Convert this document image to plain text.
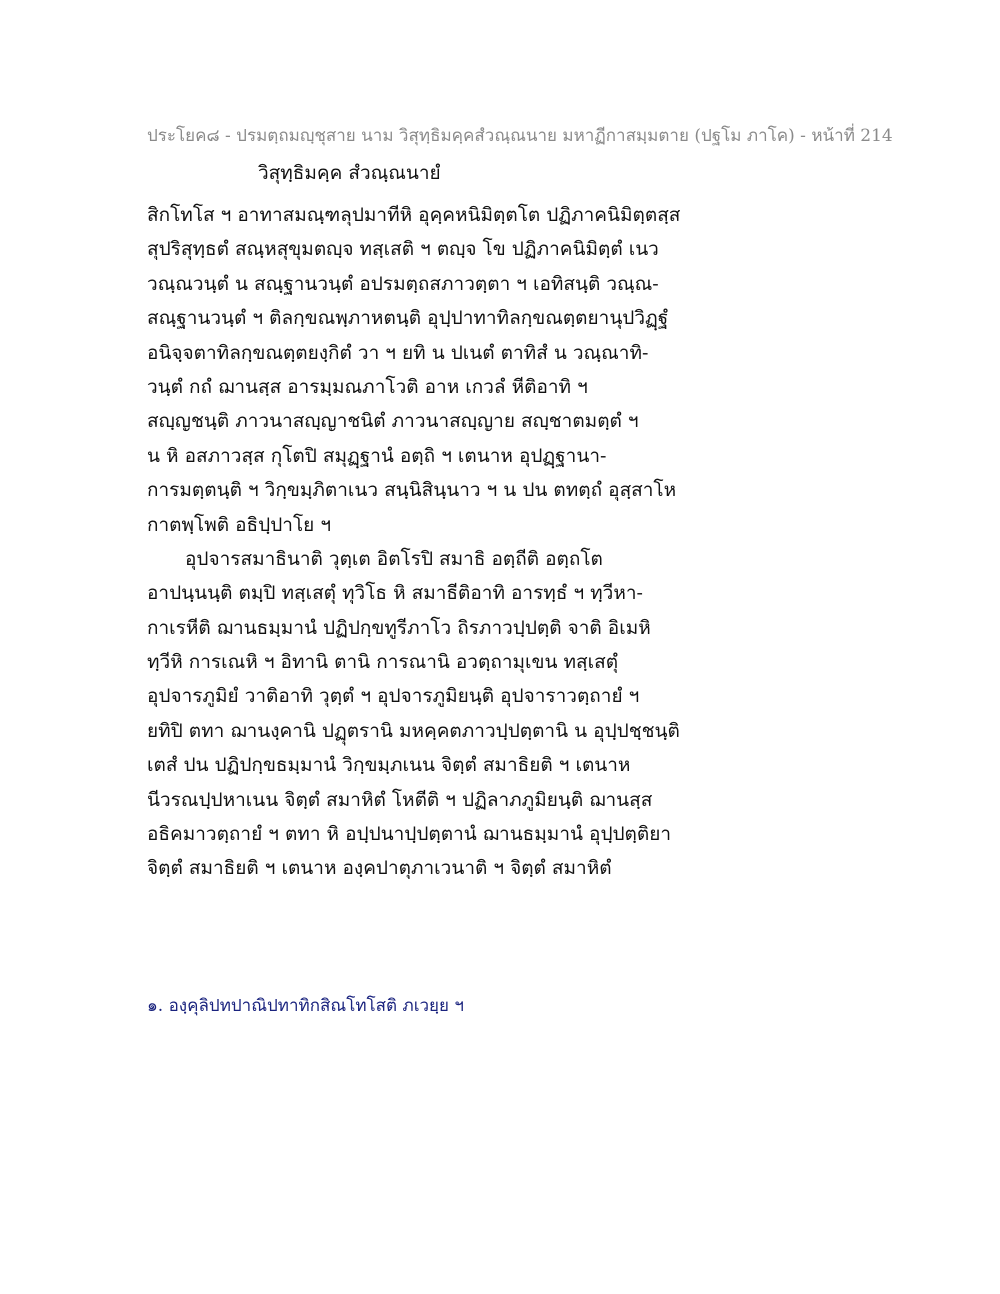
ประโยค๘ - ปรมตฺถมญฺชุสาย นาม วิสุทฺธิมคฺคสํวณฺณนาย มหาฏีกาสมฺมตาย (ปฐโม ภาโค) - หน้าที่ 214
วิสุทฺธิมคฺค สํวณฺณนายํ
สิกโทโส ฯ อาทาสมณฺฑลุปมาทีหิ อุคฺคหนิมิตฺตโต ปฏิภาคนิมิตฺตสฺส
สุปริสุทฺธตํ สณฺหสุขุมตญฺจ ทสฺเสติ ฯ ตญฺจ โข ปฏิภาคนิมิตฺตํ เนว
วณฺณวนฺตํ น สณฺฐานวนฺตํ อปรมตฺถสภาวตฺตา ฯ เอทิสนฺติ วณฺณ-
สณฺฐานวนฺตํ ฯ ติลกฺขณพฺภาหตนฺติ อุปฺปาทาทิลกฺขณตฺตยานุปวิฏฺฐํ
อนิจฺจตาทิลกฺขณตฺตยงฺกิตํ วา ฯ ยทิ น ปเนตํ ตาทิสํ น วณฺณาทิ-
วนฺตํ กถํ ฌานสฺส อารมฺมณภาโวติ อาห เกวลํ หีติอาทิ ฯ
สญฺญชนฺติ ภาวนาสญฺญาชนิตํ ภาวนาสญฺญาย สญฺชาตมตฺตํ ฯ
น หิ อสภาวสฺส กุโตปิ สมุฏฺฐานํ อตฺถิ ฯ เตนาห อุปฏฺฐานา-
การมตฺตนฺติ ฯ วิกฺขมฺภิตาเนว สนฺนิสินฺนาว ฯ น ปน ตทตฺถํ อุสฺสาโห
กาตพฺโพติ อธิปฺปาโย ฯ
อุปจารสมาธินาติ วุตฺเต อิตโรปิ สมาธิ อตฺถีติ อตฺถโต
อาปนฺนนฺติ ตมฺปิ ทสฺเสตุํ ทุวิโธ หิ สมาธีติอาทิ อารทฺธํ ฯ ทฺวีหา-
กาเรหีติ ฌานธมฺมานํ ปฏิปกฺขทูรีภาโว ถิรภาวปฺปตฺติ จาติ อิเมหิ
ทฺวีหิ การเณหิ ฯ อิทานิ ตานิ การณานิ อวตฺถามุเขน ทสฺเสตุํ
อุปจารภูมิยํ วาติอาทิ วุตฺตํ ฯ อุปจารภูมิยนฺติ อุปจาราวตฺถายํ ฯ
ยทิปิ ตทา ฌานงฺคานิ ปฏุตรานิ มหคฺคตภาวปฺปตฺตานิ น อุปฺปชฺชนฺติ
เตสํ ปน ปฏิปกฺขธมฺมานํ วิกฺขมฺภเนน จิตฺตํ สมาธิยติ ฯ เตนาห
นีวรณปฺปหาเนน จิตฺตํ สมาหิตํ โหตีติ ฯ ปฏิลาภภูมิยนฺติ ฌานสฺส
อธิคมาวตฺถายํ ฯ ตทา หิ อปฺปนาปฺปตฺตานํ ฌานธมฺมานํ อุปฺปตฺติยา
จิตฺตํ สมาธิยติ ฯ เตนาห องฺคปาตุภาเวนาติ ฯ จิตฺตํ สมาหิตํ
๑. องฺคุลิปทปาณิปทาทิกสิณโทโสติ ภเวยฺย ฯ
